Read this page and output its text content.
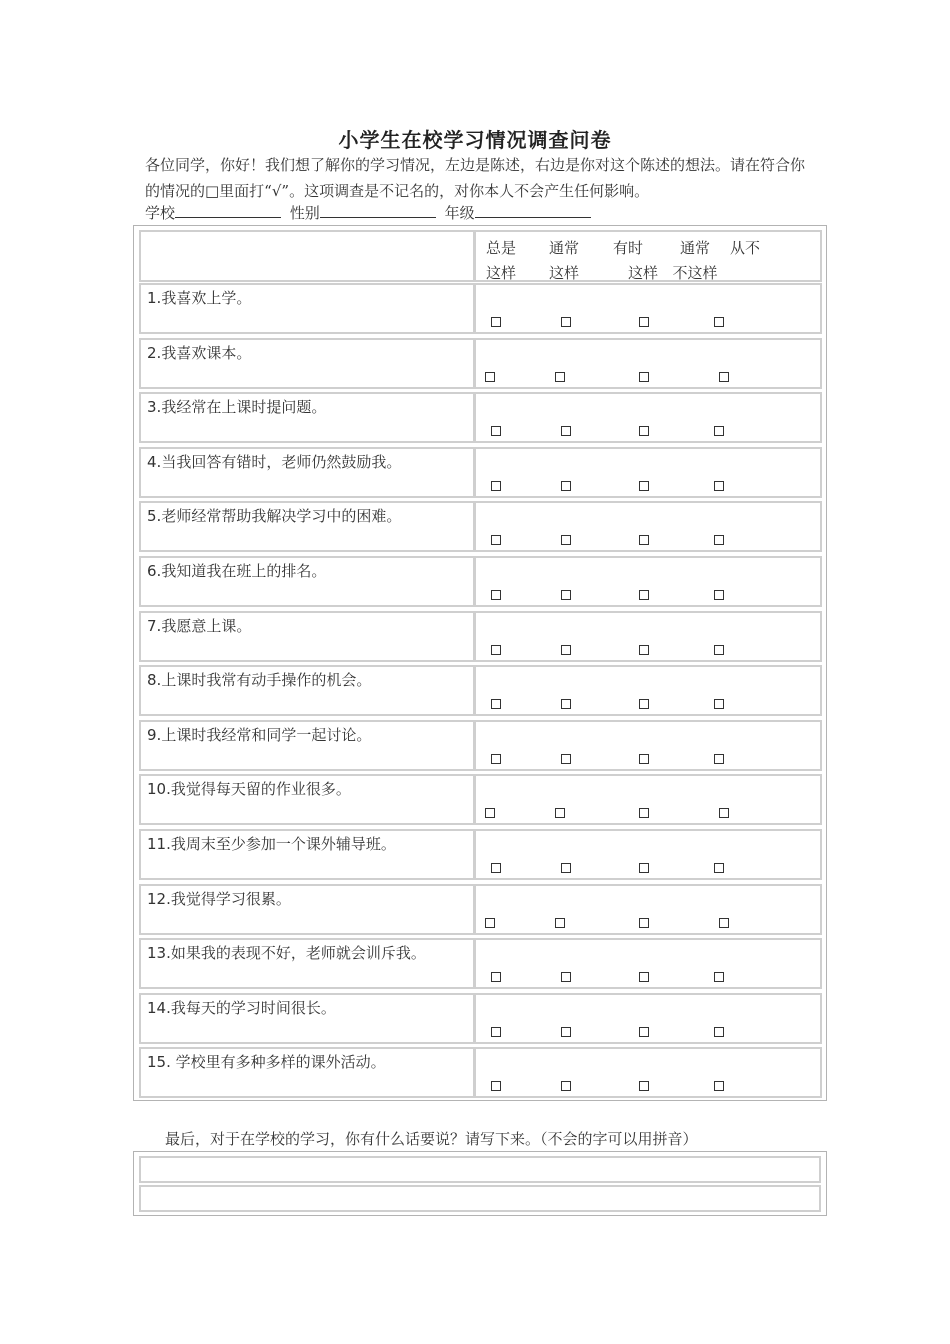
小学生在校学习情况调查问卷
各位同学，你好！我们想了解你的学习情况，左边是陈述，右边是你对这个陈述的想法。请在符合你的情况的□里面打“√”。这项调查是不记名的，对你本人不会产生任何影响。
学校	性别	年级
总是
这样
通常
这样
有时
这样
通常
不这样
从不
1.我喜欢上学。
2.我喜欢课本。
3.我经常在上课时提问题。
4.当我回答有错时，老师仍然鼓励我。
5.老师经常帮助我解决学习中的困难。
6.我知道我在班上的排名。
7.我愿意上课。
8.上课时我常有动手操作的机会。
9.上课时我经常和同学一起讨论。
10.我觉得每天留的作业很多。
11.我周末至少参加一个课外辅导班。
12.我觉得学习很累。
13.如果我的表现不好，老师就会训斥我。
14.我每天的学习时间很长。
15. 学校里有多种多样的课外活动。
最后，对于在学校的学习，你有什么话要说？请写下来。（不会的字可以用拼音）
